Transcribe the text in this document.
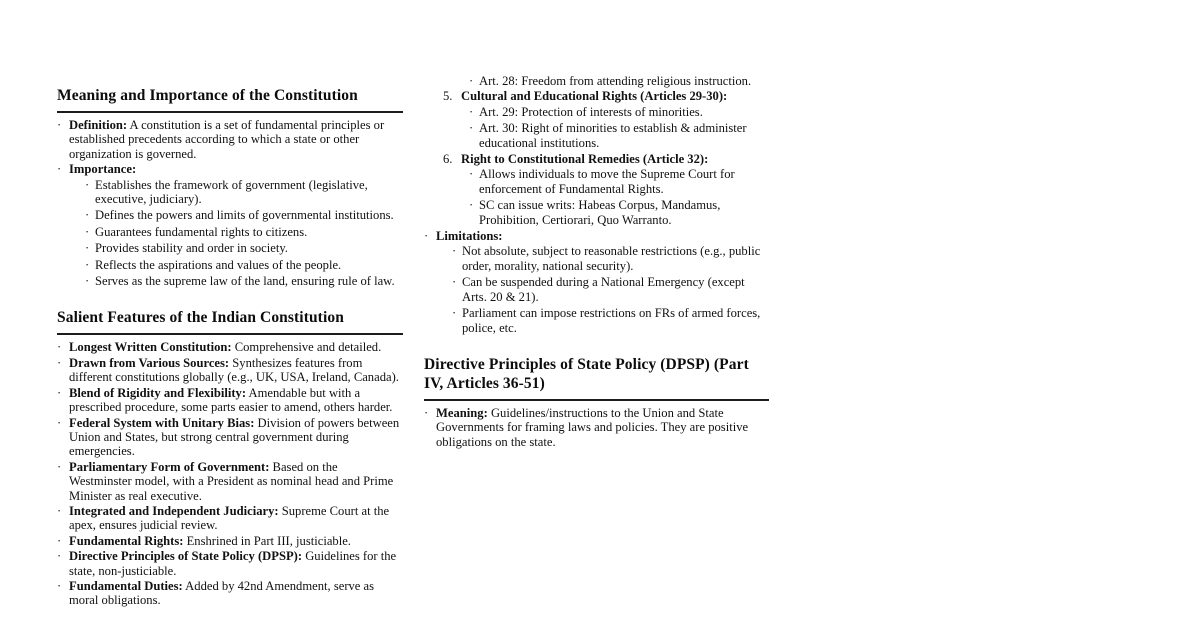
Meaning and Importance of the Constitution
· Definition: A constitution is a set of fundamental principles or established precedents according to which a state or other organization is governed.
· Importance:
· Establishes the framework of government (legislative, executive, judiciary).
· Defines the powers and limits of governmental institutions.
· Guarantees fundamental rights to citizens.
· Provides stability and order in society.
· Reflects the aspirations and values of the people.
· Serves as the supreme law of the land, ensuring rule of law.
Salient Features of the Indian Constitution
· Longest Written Constitution: Comprehensive and detailed.
· Drawn from Various Sources: Synthesizes features from different constitutions globally (e.g., UK, USA, Ireland, Canada).
· Blend of Rigidity and Flexibility: Amendable but with a prescribed procedure, some parts easier to amend, others harder.
· Federal System with Unitary Bias: Division of powers between Union and States, but strong central government during emergencies.
· Parliamentary Form of Government: Based on the Westminster model, with a President as nominal head and Prime Minister as real executive.
· Integrated and Independent Judiciary: Supreme Court at the apex, ensures judicial review.
· Fundamental Rights: Enshrined in Part III, justiciable.
· Directive Principles of State Policy (DPSP): Guidelines for the state, non-justiciable.
· Fundamental Duties: Added by 42nd Amendment, serve as moral obligations.
· Art. 28: Freedom from attending religious instruction.
5. Cultural and Educational Rights (Articles 29-30):
· Art. 29: Protection of interests of minorities.
· Art. 30: Right of minorities to establish & administer educational institutions.
6. Right to Constitutional Remedies (Article 32):
· Allows individuals to move the Supreme Court for enforcement of Fundamental Rights.
· SC can issue writs: Habeas Corpus, Mandamus, Prohibition, Certiorari, Quo Warranto.
· Limitations:
· Not absolute, subject to reasonable restrictions (e.g., public order, morality, national security).
· Can be suspended during a National Emergency (except Arts. 20 & 21).
· Parliament can impose restrictions on FRs of armed forces, police, etc.
Directive Principles of State Policy (DPSP) (Part IV, Articles 36-51)
· Meaning: Guidelines/instructions to the Union and State Governments for framing laws and policies. They are positive obligations on the state.
